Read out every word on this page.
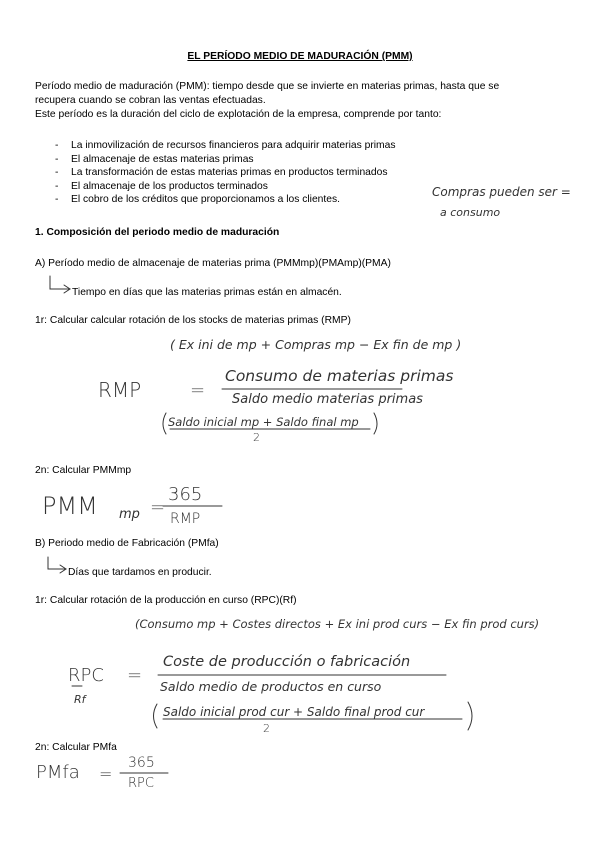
EL PERÍODO MEDIO DE MADURACIÓN (PMM)
Período medio de maduración (PMM): tiempo desde que se invierte en materias primas, hasta que se
recupera cuando se cobran las ventas efectuadas.
Este período es la duración del ciclo de explotación de la empresa, comprende por tanto:
- La inmovilización de recursos financieros para adquirir materias primas
- El almacenaje de estas materias primas
- La transformación de estas materias primas en productos terminados
- El almacenaje de los productos terminados
- El cobro de los créditos que proporcionamos a los clientes.
Compras pueden ser =
a consumo
1. Composición del periodo medio de maduración
A) Período medio de almacenaje de materias prima (PMMmp)(PMAmp)(PMA)
Tiempo en días que las materias primas están en almacén.
1r: Calcular calcular rotación de los stocks de materias primas (RMP)
( Ex ini de mp + Compras mp − Ex fin de mp )
RMP	=
Consumo de materias primas
Saldo medio materias primas
Saldo inicial mp + Saldo final mp
2
2n: Calcular PMMmp
PMM mp =
365
RMP
B) Periodo medio de Fabricación (PMfa)
Días que tardamos en producir.
1r: Calcular rotación de la producción en curso (RPC)(Rf)
(Consumo mp + Costes directos + Ex ini prod curs − Ex fin prod curs)
RPC
Rf
=
Coste de producción o fabricación
Saldo medio de productos en curso
Saldo inicial prod cur + Saldo final prod cur
2
2n: Calcular PMfa
PMfa =
365
RPC
